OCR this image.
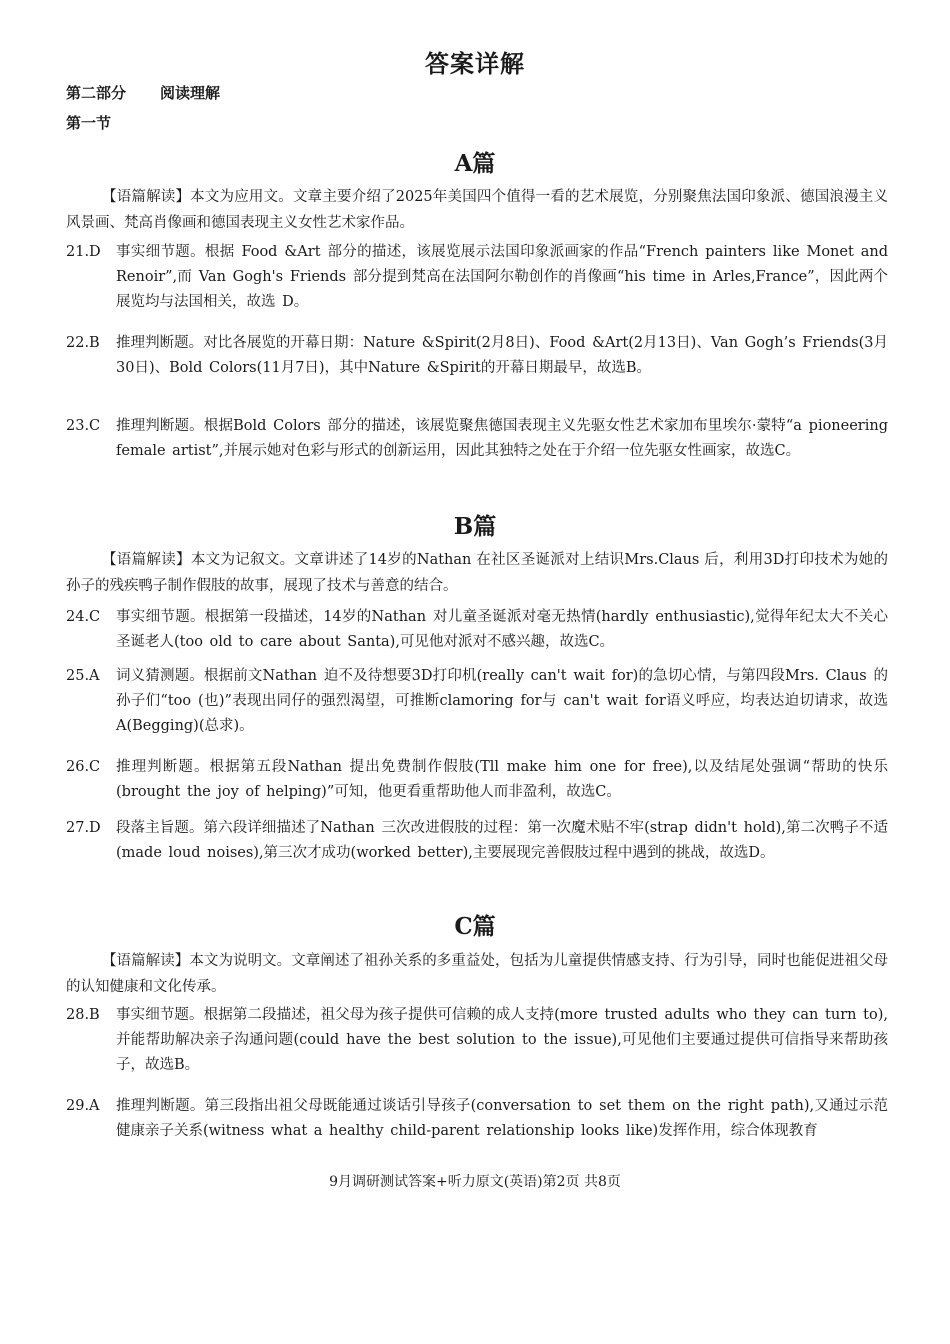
答案详解
第二部分 阅读理解
第一节
A篇
【语篇解读】本文为应用文。文章主要介绍了2025年美国四个值得一看的艺术展览，分别聚焦法国印象派、德国浪漫主义风景画、梵高肖像画和德国表现主义女性艺术家作品。
21.D	事实细节题。根据 Food &Art 部分的描述，该展览展示法国印象派画家的作品“French painters like Monet and Renoir”,而 Van Gogh's Friends 部分提到梵高在法国阿尔勒创作的肖像画“his time in Arles,France”，因此两个展览均与法国相关，故选 D。
22.B	推理判断题。对比各展览的开幕日期：Nature &Spirit(2月8日)、Food &Art(2月13日)、Van Gogh’s Friends(3月30日)、Bold Colors(11月7日)，其中Nature &Spirit的开幕日期最早，故选B。
23.C	推理判断题。根据Bold Colors 部分的描述，该展览聚焦德国表现主义先驱女性艺术家加布里埃尔·蒙特“a pioneering female artist”,并展示她对色彩与形式的创新运用，因此其独特之处在于介绍一位先驱女性画家，故选C。
B篇
【语篇解读】本文为记叙文。文章讲述了14岁的Nathan 在社区圣诞派对上结识Mrs.Claus 后，利用3D打印技术为她的孙子的残疾鸭子制作假肢的故事，展现了技术与善意的结合。
24.C	事实细节题。根据第一段描述，14岁的Nathan 对儿童圣诞派对毫无热情(hardly enthusiastic),觉得年纪太大不关心圣诞老人(too old to care about Santa),可见他对派对不感兴趣，故选C。
25.A	词义猜测题。根据前文Nathan 迫不及待想要3D打印机(really can't wait for)的急切心情，与第四段Mrs. Claus 的孙子们“too (也)”表现出同仔的强烈渴望，可推断clamoring for与 can't wait for语义呼应，均表达迫切请求，故选A(Begging)(总求)。
26.C	推理判断题。根据第五段Nathan 提出免费制作假肢(Tll make him one for free),以及结尾处强调“帮助的快乐(brought the joy of helping)”可知，他更看重帮助他人而非盈利，故选C。
27.D	段落主旨题。第六段详细描述了Nathan 三次改进假肢的过程：第一次魔术贴不牢(strap didn't hold),第二次鸭子不适(made loud noises),第三次才成功(worked better),主要展现完善假肢过程中遇到的挑战，故选D。
C篇
【语篇解读】本文为说明文。文章阐述了祖孙关系的多重益处，包括为儿童提供情感支持、行为引导，同时也能促进祖父母的认知健康和文化传承。
28.B	事实细节题。根据第二段描述，祖父母为孩子提供可信赖的成人支持(more trusted adults who they can turn to), 并能帮助解决亲子沟通问题(could have the best solution to the issue),可见他们主要通过提供可信指导来帮助孩子，故选B。
29.A	推理判断题。第三段指出祖父母既能通过谈话引导孩子(conversation to set them on the right path),又通过示范健康亲子关系(witness what a healthy child-parent relationship looks like)发挥作用，综合体现教育
9月调研测试答案+听力原文(英语)第2页 共8页
